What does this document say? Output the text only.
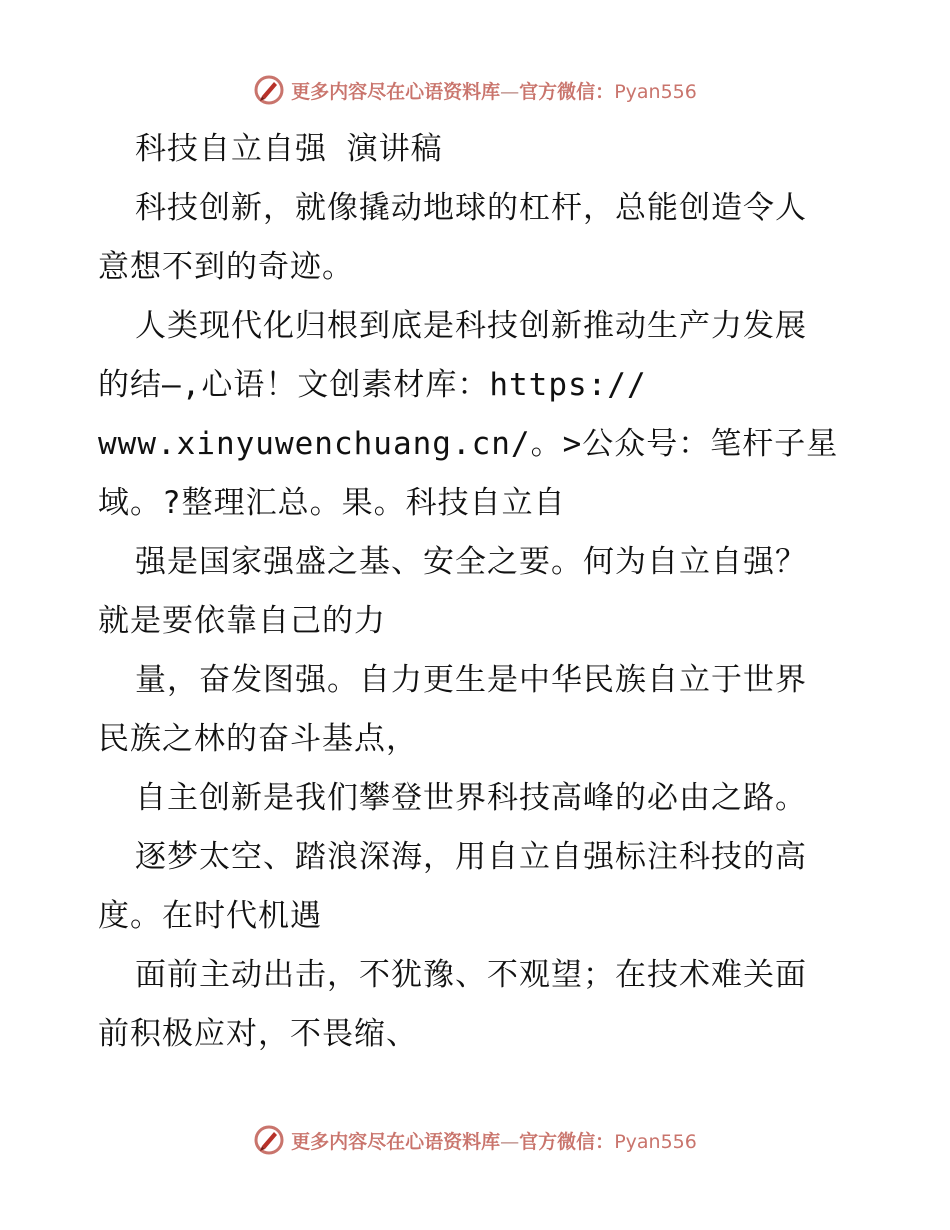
更多内容尽在心语资料库—官方微信：Pyan556
科技自立自强 演讲稿
科技创新，就像撬动地球的杠杆，总能创造令人
意想不到的奇迹。
人类现代化归根到底是科技创新推动生产力发展
的结—,心语！文创素材库：https://
www.xinyuwenchuang.cn/。>公众号：笔杆子星
域。?整理汇总。果。科技自立自
强是国家强盛之基、安全之要。何为自立自强？
就是要依靠自己的力
量，奋发图强。自力更生是中华民族自立于世界
民族之林的奋斗基点，
自主创新是我们攀登世界科技高峰的必由之路。
逐梦太空、踏浪深海，用自立自强标注科技的高
度。在时代机遇
面前主动出击，不犹豫、不观望；在技术难关面
前积极应对，不畏缩、
更多内容尽在心语资料库—官方微信：Pyan556
